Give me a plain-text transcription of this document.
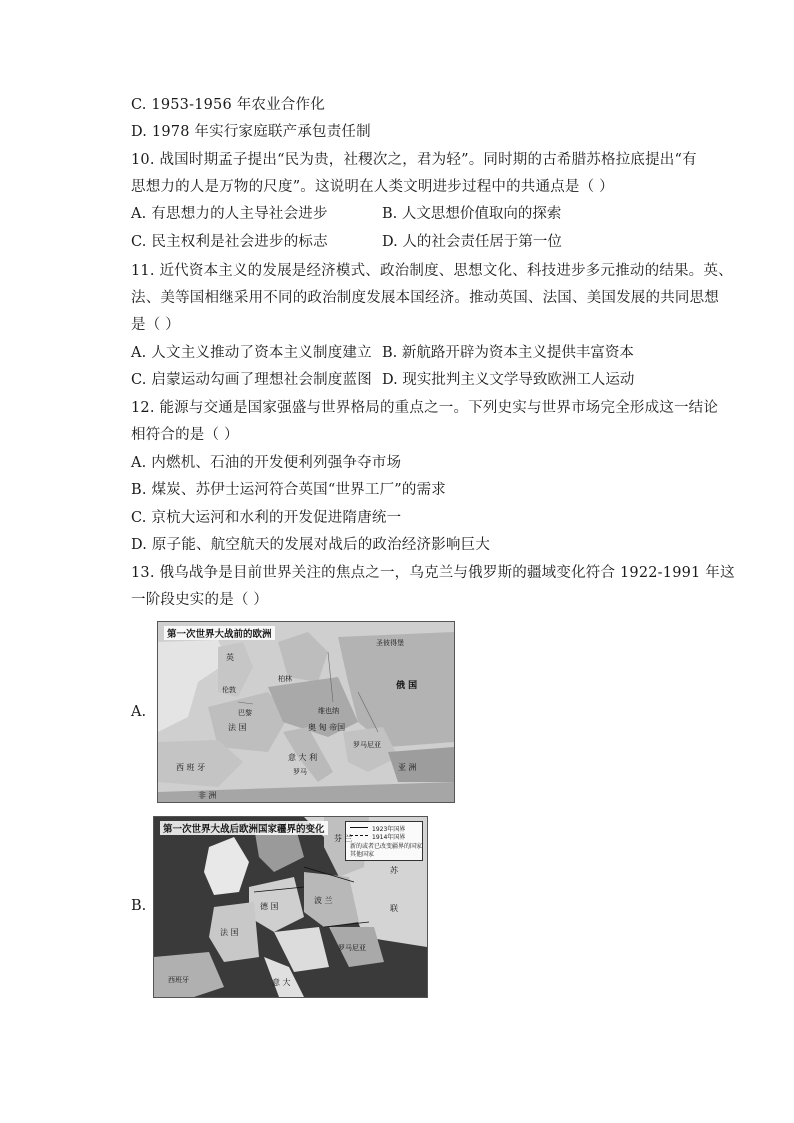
C. 1953-1956 年农业合作化
D. 1978 年实行家庭联产承包责任制
10. 战国时期孟子提出“民为贵，社稷次之，君为轻”。同时期的古希腊苏格拉底提出“有
思想力的人是万物的尺度”。这说明在人类文明进步过程中的共通点是（ ）
A. 有思想力的人主导社会进步	B. 人文思想价值取向的探索
C. 民主权利是社会进步的标志	D. 人的社会责任居于第一位
11. 近代资本主义的发展是经济模式、政治制度、思想文化、科技进步多元推动的结果。英、
法、美等国相继采用不同的政治制度发展本国经济。推动英国、法国、美国发展的共同思想
是（ ）
A. 人文主义推动了资本主义制度建立 B. 新航路开辟为资本主义提供丰富资本
C. 启蒙运动勾画了理想社会制度蓝图 D. 现实批判主义文学导致欧洲工人运动
12. 能源与交通是国家强盛与世界格局的重点之一。下列史实与世界市场完全形成这一结论
相符合的是（ ）
A. 内燃机、石油的开发便利列强争夺市场
B. 煤炭、苏伊士运河符合英国“世界工厂”的需求
C. 京杭大运河和水利的开发促进隋唐统一
D. 原子能、航空航天的发展对战后的政治经济影响巨大
13. 俄乌战争是目前世界关注的焦点之一，乌克兰与俄罗斯的疆域变化符合 1922-1991 年这
一阶段史实的是（ ）
A.
第一次世界大战前的欧洲
圣彼得堡
俄 国
英
伦敦
柏林
维也纳
巴黎
法 国	奥 匈 帝国
罗马尼亚
西 班 牙
意 大 利
罗马	亚 洲
非 洲
B.
第一次世界大战后欧洲国家疆界的变化	1923年国界
1914年国界
新的或者已改变疆界的国家
其他国家
芬 兰
苏
联
波 兰
德 国
法 国
罗马尼亚
西班牙	意 大
